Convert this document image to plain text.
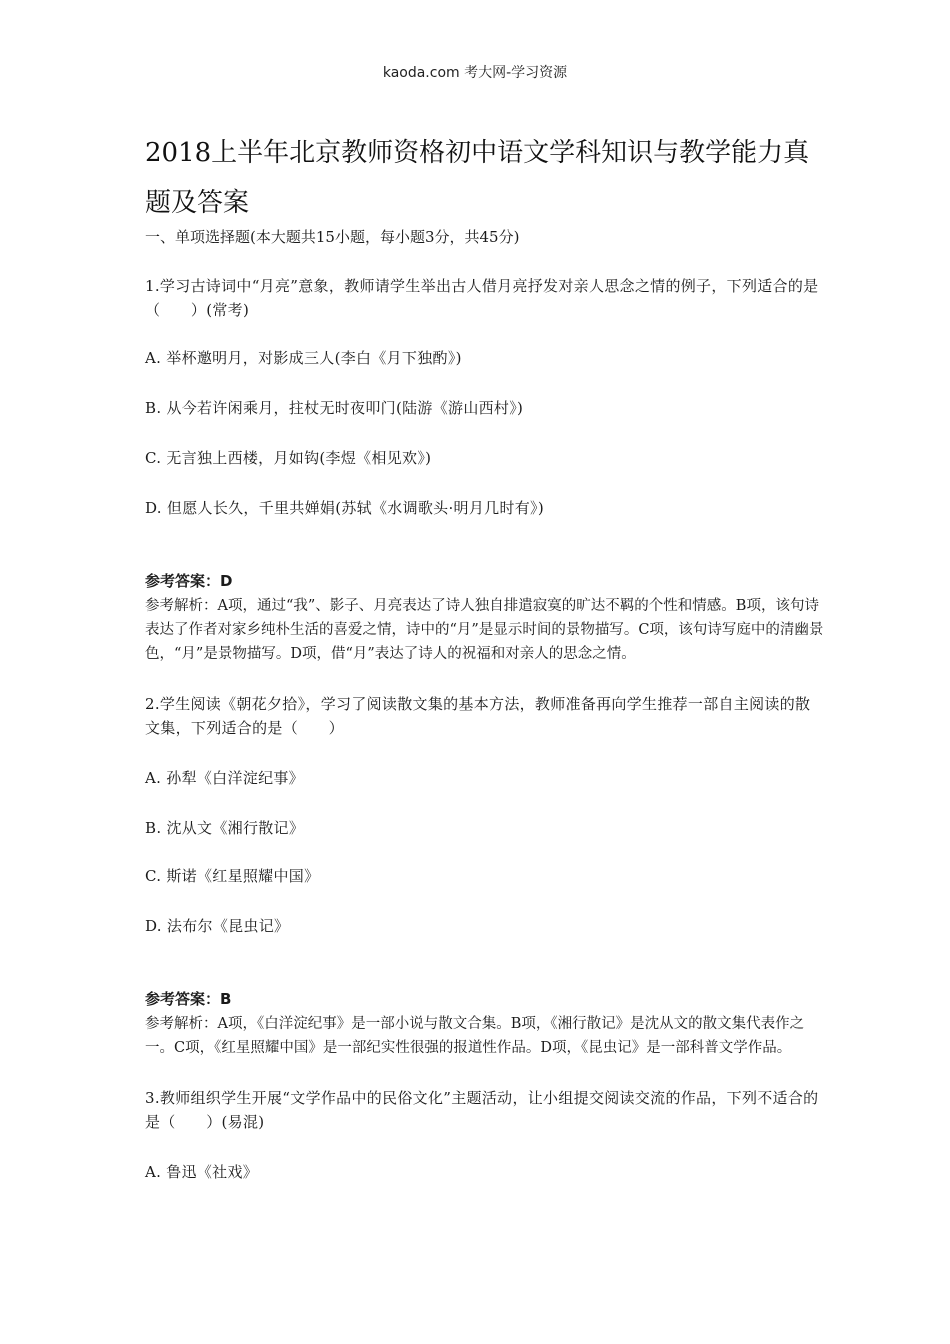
kaoda.com 考大网-学习资源
2018上半年北京教师资格初中语文学科知识与教学能力真题及答案
一、单项选择题(本大题共15小题，每小题3分，共45分)
1.学习古诗词中“月亮”意象，教师请学生举出古人借月亮抒发对亲人思念之情的例子，下列适合的是（　　）(常考)
A. 举杯邀明月，对影成三人(李白《月下独酌》)
B. 从今若许闲乘月，拄杖无时夜叩门(陆游《游山西村》)
C. 无言独上西楼，月如钩(李煜《相见欢》)
D. 但愿人长久，千里共婵娟(苏轼《水调歌头·明月几时有》)
参考答案：D
参考解析：A项，通过“我”、影子、月亮表达了诗人独自排遣寂寞的旷达不羁的个性和情感。B项，该句诗表达了作者对家乡纯朴生活的喜爱之情，诗中的“月”是显示时间的景物描写。C项，该句诗写庭中的清幽景色，“月”是景物描写。D项，借“月”表达了诗人的祝福和对亲人的思念之情。
2.学生阅读《朝花夕拾》，学习了阅读散文集的基本方法，教师准备再向学生推荐一部自主阅读的散文集，下列适合的是（　　）
A. 孙犁《白洋淀纪事》
B. 沈从文《湘行散记》
C. 斯诺《红星照耀中国》
D. 法布尔《昆虫记》
参考答案：B
参考解析：A项，《白洋淀纪事》是一部小说与散文合集。B项，《湘行散记》是沈从文的散文集代表作之一。C项，《红星照耀中国》是一部纪实性很强的报道性作品。D项，《昆虫记》是一部科普文学作品。
3.教师组织学生开展“文学作品中的民俗文化”主题活动，让小组提交阅读交流的作品，下列不适合的是（　　）(易混)
A. 鲁迅《社戏》
